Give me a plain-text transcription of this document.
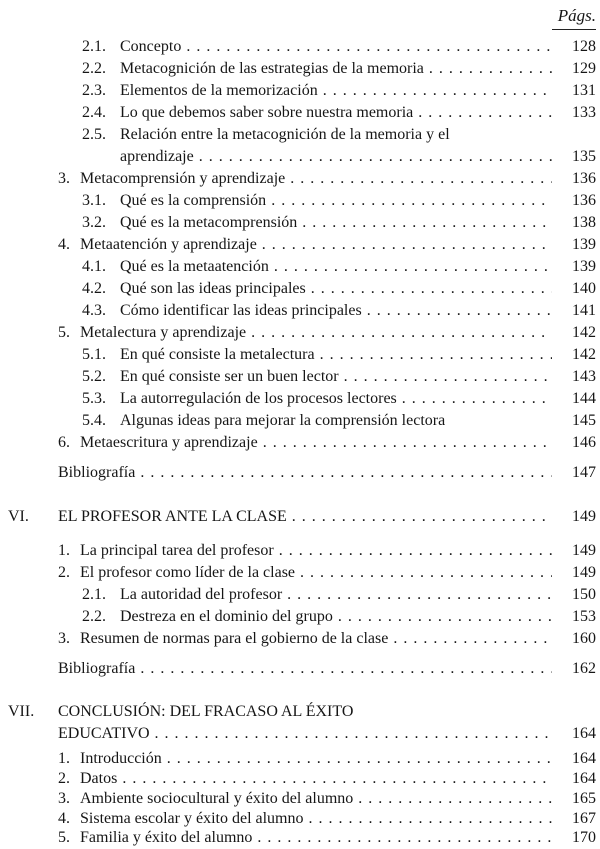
Págs.
2.1. Concepto . . .	128
2.2. Metacognición de las estrategias de la memoria . . .	129
2.3. Elementos de la memorización . . .	131
2.4. Lo que debemos saber sobre nuestra memoria . . .	133
2.5. Relación entre la metacognición de la memoria y el
aprendizaje . . .	135
3. Metacomprensión y aprendizaje . . .	136
3.1. Qué es la comprensión . . .	136
3.2. Qué es la metacomprensión . . .	138
4. Metaatención y aprendizaje . . .	139
4.1. Qué es la metaatención . . .	139
4.2. Qué son las ideas principales . . .	140
4.3. Cómo identificar las ideas principales . . .	141
5. Metalectura y aprendizaje . . .	142
5.1. En qué consiste la metalectura . . .	142
5.2. En qué consiste ser un buen lector . . .	143
5.3. La autorregulación de los procesos lectores . . .	144
5.4. Algunas ideas para mejorar la comprensión lectora	145
6. Metaescritura y aprendizaje . . .	146
Bibliografía . . .	147
VI. EL PROFESOR ANTE LA CLASE . . .	149
1. La principal tarea del profesor . . .	149
2. El profesor como líder de la clase . . .	149
2.1. La autoridad del profesor . . .	150
2.2. Destreza en el dominio del grupo . . .	153
3. Resumen de normas para el gobierno de la clase . . .	160
Bibliografía . . .	162
VII. CONCLUSIÓN: DEL FRACASO AL ÉXITO
EDUCATIVO . . .	164
1. Introducción . . .	164
2. Datos . . .	164
3. Ambiente sociocultural y éxito del alumno . . .	165
4. Sistema escolar y éxito del alumno . . .	167
5. Familia y éxito del alumno . . .	170
